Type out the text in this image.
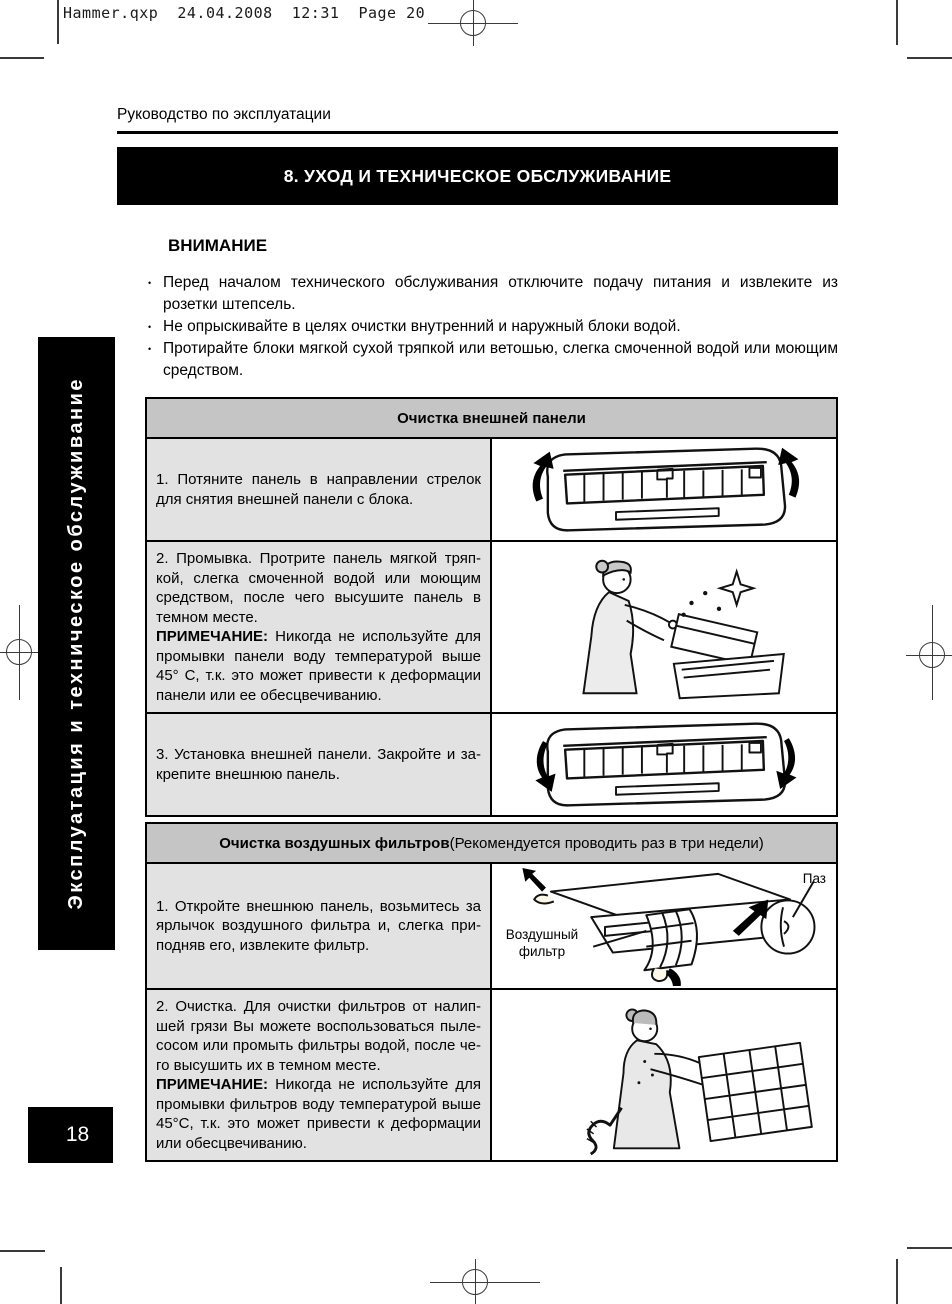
Hammer.qxp  24.04.2008  12:31  Page 20
Руководство по эксплуатации
8. УХОД И ТЕХНИЧЕСКОЕ ОБСЛУЖИВАНИЕ
ВНИМАНИЕ
• Перед началом технического обслуживания отключите подачу питания и извлеките из розетки штепсель.
• Не опрыскивайте в целях очистки внутренний и наружный блоки водой.
• Протирайте блоки мягкой сухой тряпкой или ветошью, слегка смоченной водой или моющим средством.
Очистка внешней панели

1. Потяните панель в направлении стрелок для снятия внешней панели с блока.

2. Промывка. Протрите панель мягкой тряпкой, слегка смоченной водой или моющим средством, после чего высушите панель в темном месте.

ПРИМЕЧАНИЕ: Никогда не используйте для промывки панели воду температурой выше 45° С, т.к. это может привести к деформации панели или ее обесцвечиванию.

3. Установка внешней панели. Закройте и закрепите внешнюю панель.

Очистка воздушных фильтров (Рекомендуется проводить раз в три недели)

1. Откройте внешнюю панель, возьмитесь за ярлычок воздушного фильтра и, слегка приподняв его, извлеките фильтр.

Паз
Воздушный фильтр

2. Очистка. Для очистки фильтров от налипшей грязи Вы можете воспользоваться пылесосом или промыть фильтры водой, после чего высушить их в темном месте.

ПРИМЕЧАНИЕ: Никогда не используйте для промывки фильтров воду температурой выше 45°С, т.к. это может привести к деформации или обесцвечиванию.

Эксплуатация и техническое обслуживание
18
